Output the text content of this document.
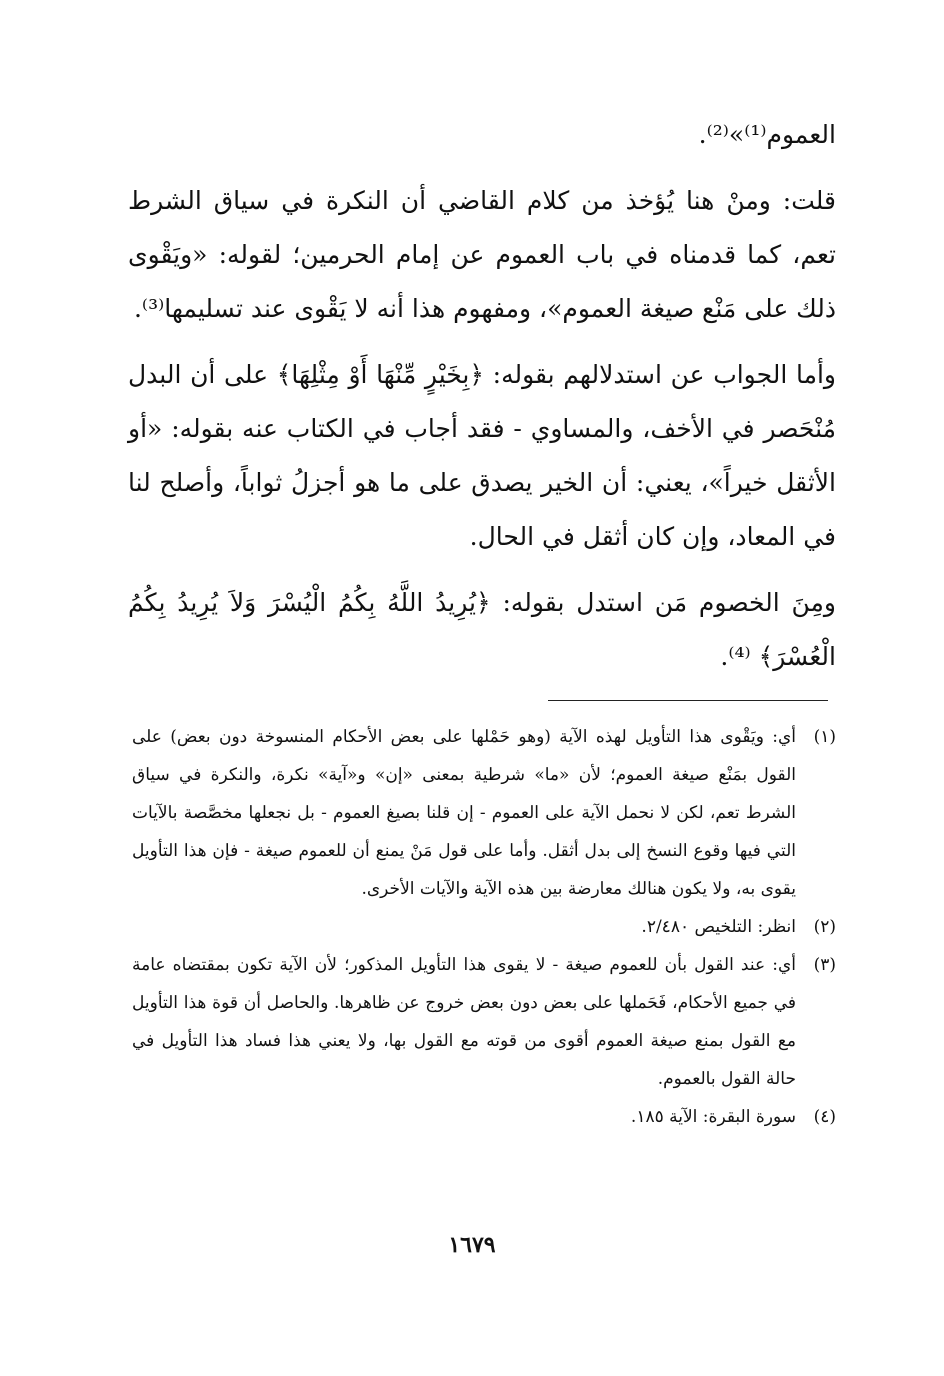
العموم⁽¹⁾»⁽²⁾.

قلت: ومنْ هنا يُؤخذ من كلام القاضي أن النكرة في سياق الشرط تعم، كما قدمناه في باب العموم عن إمام الحرمين؛ لقوله: «ويَقْوى ذلك على مَنْع صيغة العموم»، ومفهوم هذا أنه لا يَقْوى عند تسليمها⁽³⁾.

وأما الجواب عن استدلالهم بقوله: ﴿بِخَيْرٍ مِّنْهَا أَوْ مِثْلِهَا﴾ على أن البدل مُنْحَصر في الأخف، والمساوي - فقد أجاب في الكتاب عنه بقوله: «أو الأثقل خيراً»، يعني: أن الخير يصدق على ما هو أجزلُ ثواباً، وأصلح لنا في المعاد، وإن كان أثقل في الحال.

ومِنَ الخصوم مَن استدل بقوله: ﴿يُرِيدُ اللَّهُ بِكُمُ الْيُسْرَ وَلاَ يُرِيدُ بِكُمُ الْعُسْرَ﴾ ⁽⁴⁾.

(١)
أي: ويَقْوى هذا التأويل لهذه الآية (وهو حَمْلها على بعض الأحكام المنسوخة دون بعض) على القول بمَنْع صيغة العموم؛ لأن «ما» شرطية بمعنى «إن» و«آية» نكرة، والنكرة في سياق الشرط تعم، لكن لا نحمل الآية على العموم - إن قلنا بصيغ العموم - بل نجعلها مخصَّصة بالآيات التي فيها وقوع النسخ إلى بدل أثقل. وأما على قول مَنْ يمنع أن للعموم صيغة - فإن هذا التأويل يقوى به، ولا يكون هنالك معارضة بين هذه الآية والآيات الأخرى.
(٢)
انظر: التلخيص ٢/٤٨٠.
(٣)
أي: عند القول بأن للعموم صيغة - لا يقوى هذا التأويل المذكور؛ لأن الآية تكون بمقتضاه عامة في جميع الأحكام، فَحَملها على بعض دون بعض خروج عن ظاهرها. والحاصل أن قوة هذا التأويل مع القول بمنع صيغة العموم أقوى من قوته مع القول بها، ولا يعني هذا فساد هذا التأويل في حالة القول بالعموم.
(٤)
سورة البقرة: الآية ١٨٥.
١٦٧٩
